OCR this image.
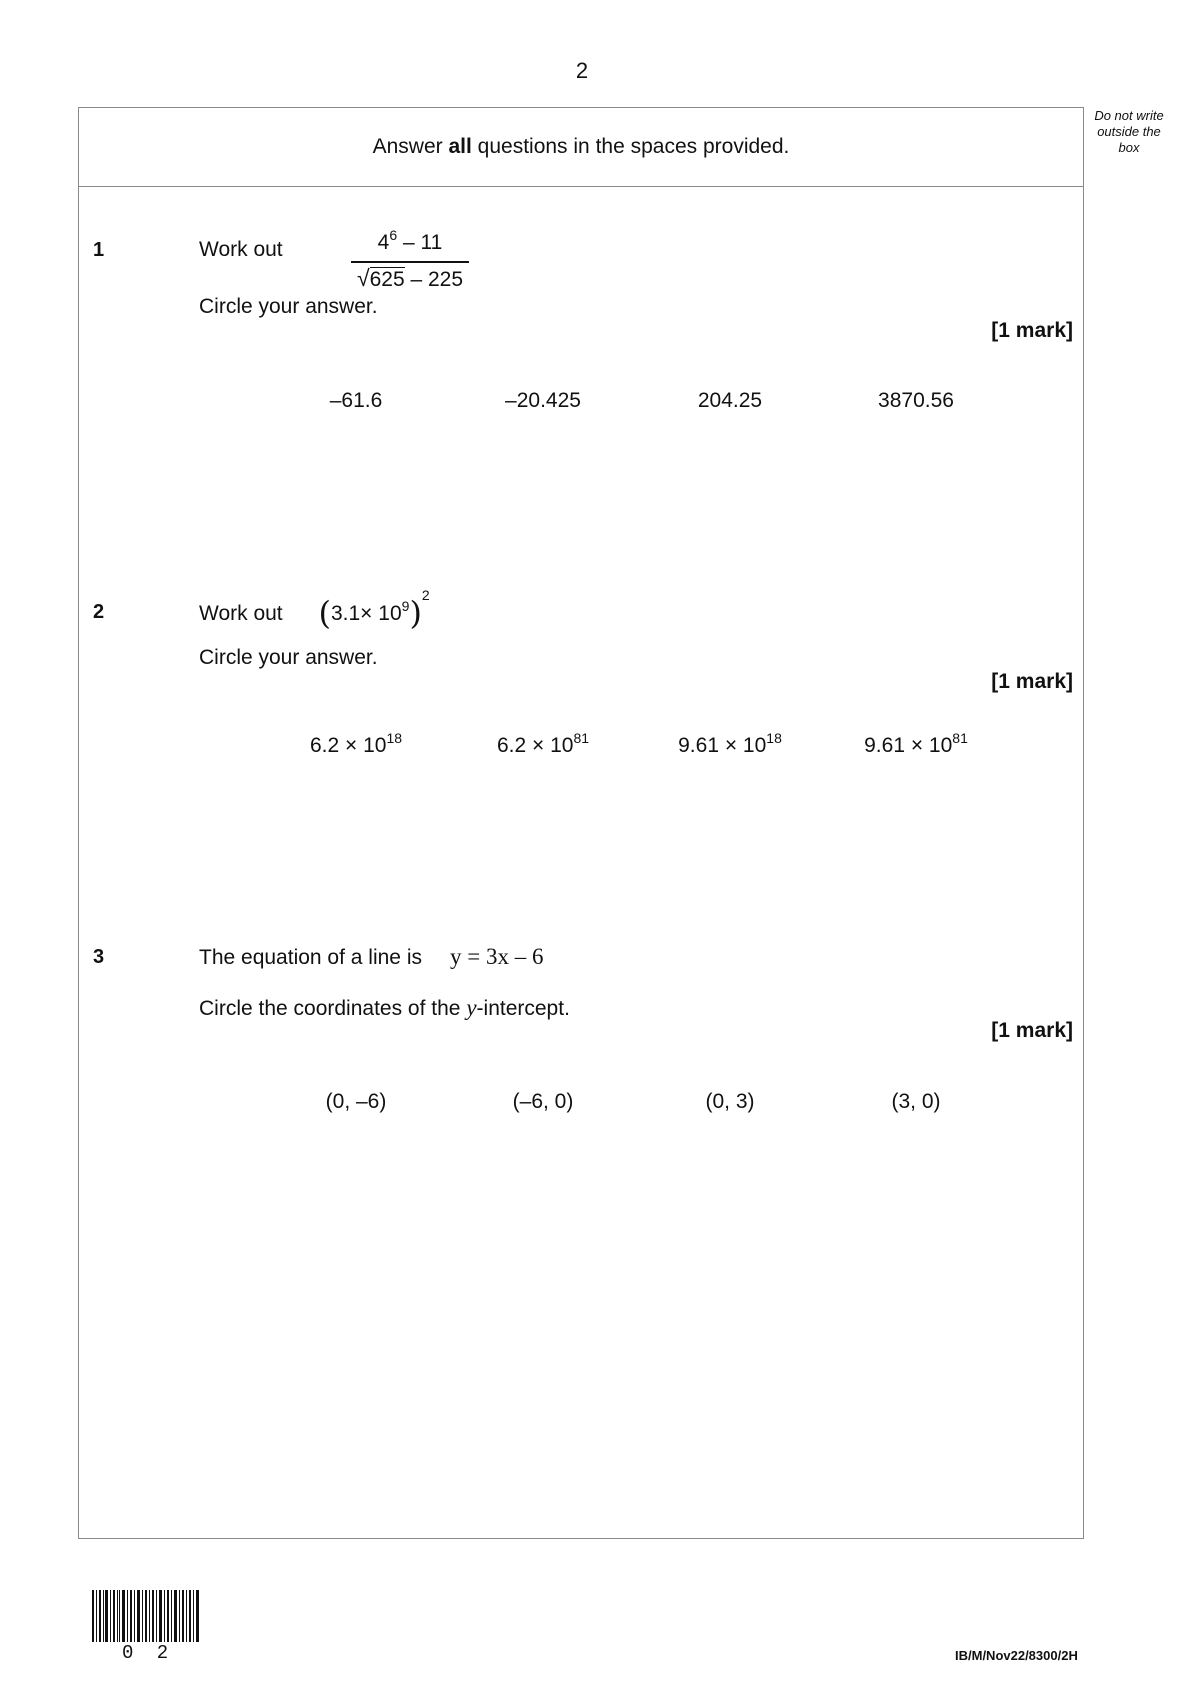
2
Do not write outside the box
Answer all questions in the spaces provided.
1	Work out	$4^6 - 11$
√625 – 225
Circle your answer.
[1 mark]
–61.6	–20.425	204.25	3870.56
2	Work out $(3.1\times 10^9)^2$
Circle your answer.
[1 mark]
$6.2 \times 10^{18}$	$6.2 \times 10^{81}$	$9.61 \times 10^{18}$	$9.61 \times 10^{81}$
3	The equation of a line is y = 3x – 6
Circle the coordinates of the y-intercept.
[1 mark]
(0, –6)	(–6, 0)	(0, 3)	(3, 0)
0 2	IB/M/Nov22/8300/2H
